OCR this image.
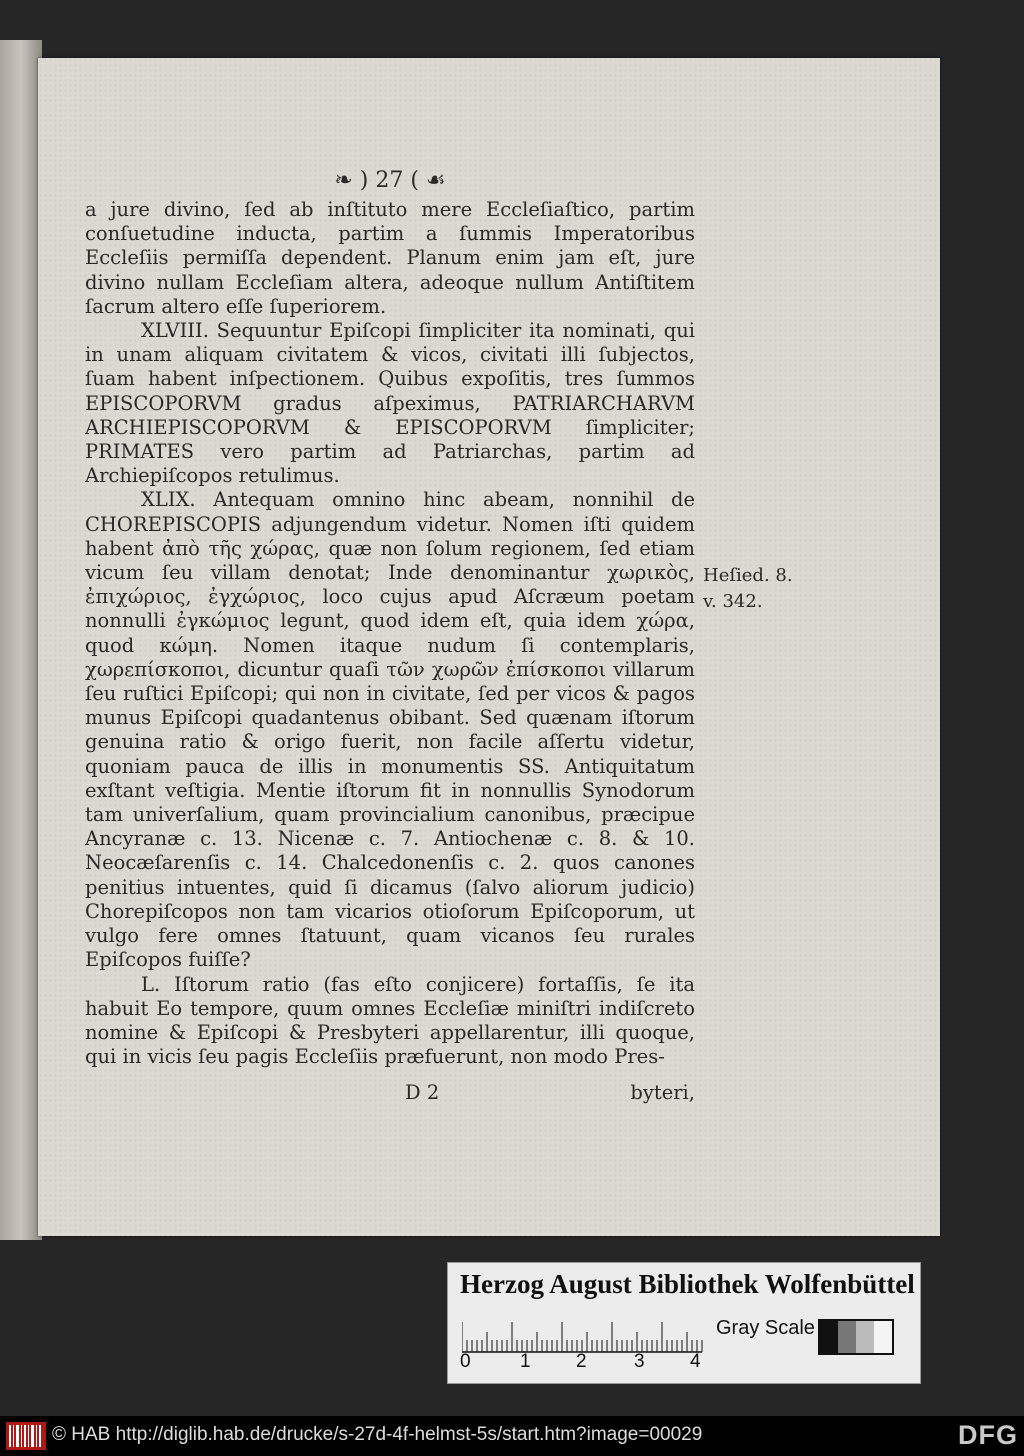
❧ ) 27 ( ☙

a jure divino, ſed ab inſtituto mere Eccleſiaſtico, partim conſuetudine inducta, partim a ſummis Imperatoribus Eccleſiis permiſſa dependent. Planum enim jam eſt, jure divino nullam Eccleſiam altera, adeoque nullum Antiſtitem ſacrum altero eſſe ſuperiorem.

XLVIII. Sequuntur Epiſcopi ſimpliciter ita nominati, qui in unam aliquam civitatem & vicos, civitati illi ſubjectos, ſuam habent inſpectionem. Quibus expoſitis, tres ſummos EPISCOPORVM gradus aſpeximus, PATRIARCHARVM ARCHIEPISCOPORVM & EPISCOPORVM ſimpliciter; PRIMATES vero partim ad Patriarchas, partim ad Archiepiſcopos retulimus.

XLIX. Antequam omnino hinc abeam, nonnihil de CHOREPISCOPIS adjungendum videtur. Nomen iſti quidem habent ἀπὸ τῆς χώρας, quæ non ſolum regionem, ſed etiam vicum ſeu villam denotat; Inde denominantur χωρικὸς, ἐπιχώριος, ἐγχώριος, loco cujus apud Aſcræum poetam nonnulli ἐγκώμιος legunt, quod idem eſt, quia idem χώρα, quod κώμη. Nomen itaque nudum ſi contemplaris, χωρεπίσκοποι, dicuntur quaſi τῶν χωρῶν ἐπίσκοποι villarum ſeu ruſtici Epiſcopi; qui non in civitate, ſed per vicos & pagos munus Epiſcopi quadantenus obibant. Sed quænam iſtorum genuina ratio & origo fuerit, non facile aſſertu videtur, quoniam pauca de illis in monumentis SS. Antiquitatum exſtant veſtigia. Mentie iſtorum fit in nonnullis Synodorum tam univerſalium, quam provincialium canonibus, præcipue Ancyranæ c. 13. Nicenæ c. 7. Antiochenæ c. 8. & 10. Neocæſarenſis c. 14. Chalcedonenſis c. 2. quos canones penitius intuentes, quid ſi dicamus (ſalvo aliorum judicio) Chorepiſcopos non tam vicarios otioſorum Epiſcoporum, ut vulgo fere omnes ſtatuunt, quam vicanos ſeu rurales Epiſcopos fuiſſe?

L. Iſtorum ratio (fas eſto conjicere) fortaſſis, ſe ita habuit Eo tempore, quum omnes Eccleſiæ miniſtri indiſcreto nomine & Epiſcopi & Presbyteri appellarentur, illi quoque, qui in vicis ſeu pagis Eccleſiis præfuerunt, non modo Pres-

Heſied. 8.
v. 342.
D 2	byteri,
Herzog August Bibliothek Wolfenbüttel
0	1 2 3 4
Gray Scale
© HAB http://diglib.hab.de/drucke/s-27d-4f-helmst-5s/start.htm?image=00029	DFG
